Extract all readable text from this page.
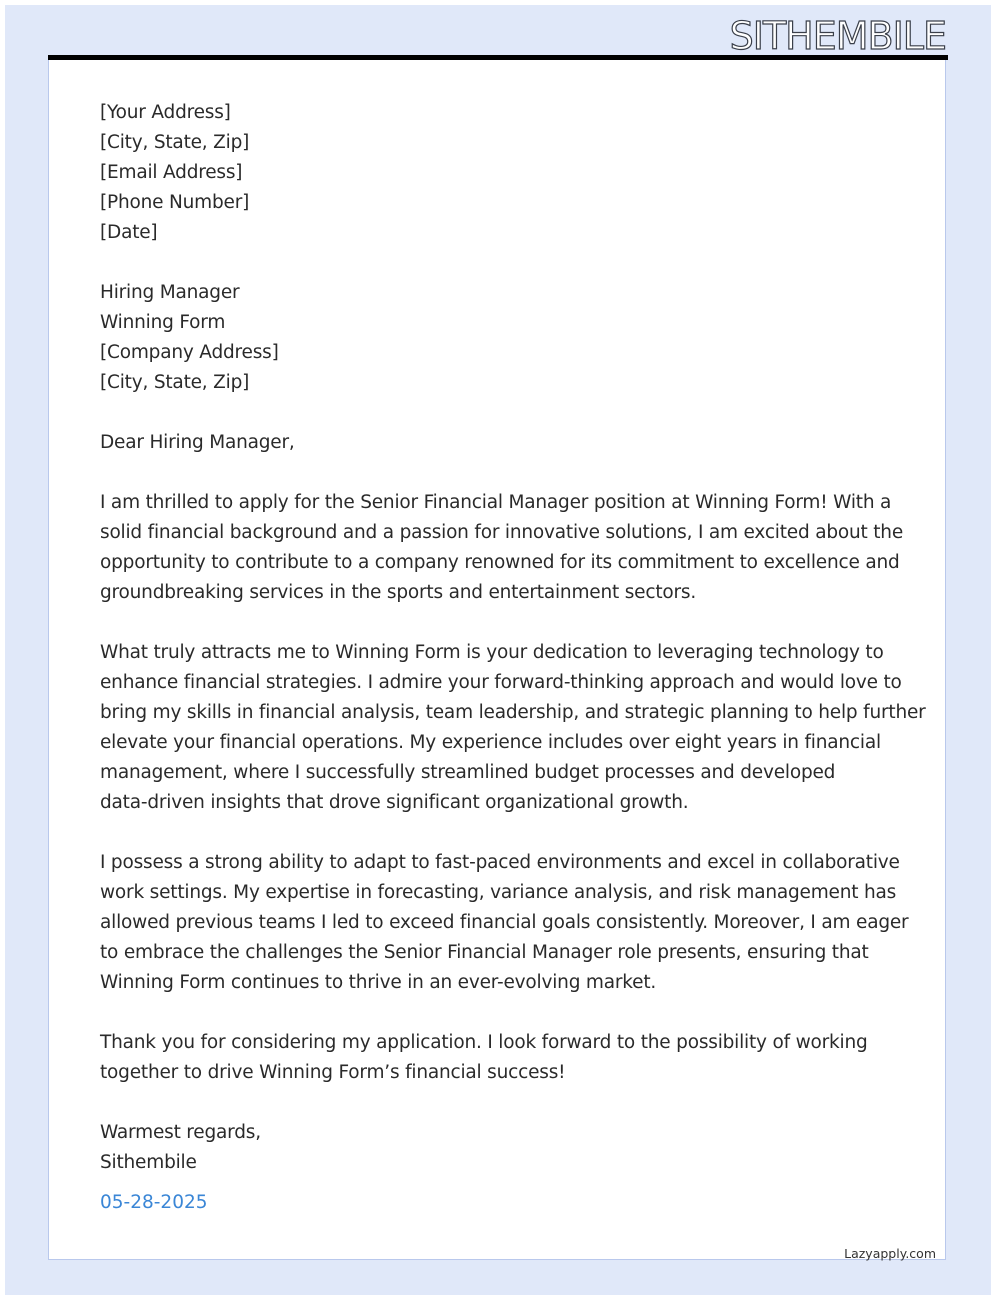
SITHEMBILE
[Your Address]
[City, State, Zip]
[Email Address]
[Phone Number]
[Date]
Hiring Manager
Winning Form
[Company Address]
[City, State, Zip]
Dear Hiring Manager,
I am thrilled to apply for the Senior Financial Manager position at Winning Form! With a
solid financial background and a passion for innovative solutions, I am excited about the
opportunity to contribute to a company renowned for its commitment to excellence and
groundbreaking services in the sports and entertainment sectors.
What truly attracts me to Winning Form is your dedication to leveraging technology to
enhance financial strategies. I admire your forward-thinking approach and would love to
bring my skills in financial analysis, team leadership, and strategic planning to help further
elevate your financial operations. My experience includes over eight years in financial
management, where I successfully streamlined budget processes and developed
data-driven insights that drove significant organizational growth.
I possess a strong ability to adapt to fast-paced environments and excel in collaborative
work settings. My expertise in forecasting, variance analysis, and risk management has
allowed previous teams I led to exceed financial goals consistently. Moreover, I am eager
to embrace the challenges the Senior Financial Manager role presents, ensuring that
Winning Form continues to thrive in an ever-evolving market.
Thank you for considering my application. I look forward to the possibility of working
together to drive Winning Form’s financial success!
Warmest regards,
Sithembile
05-28-2025
Lazyapply.com
